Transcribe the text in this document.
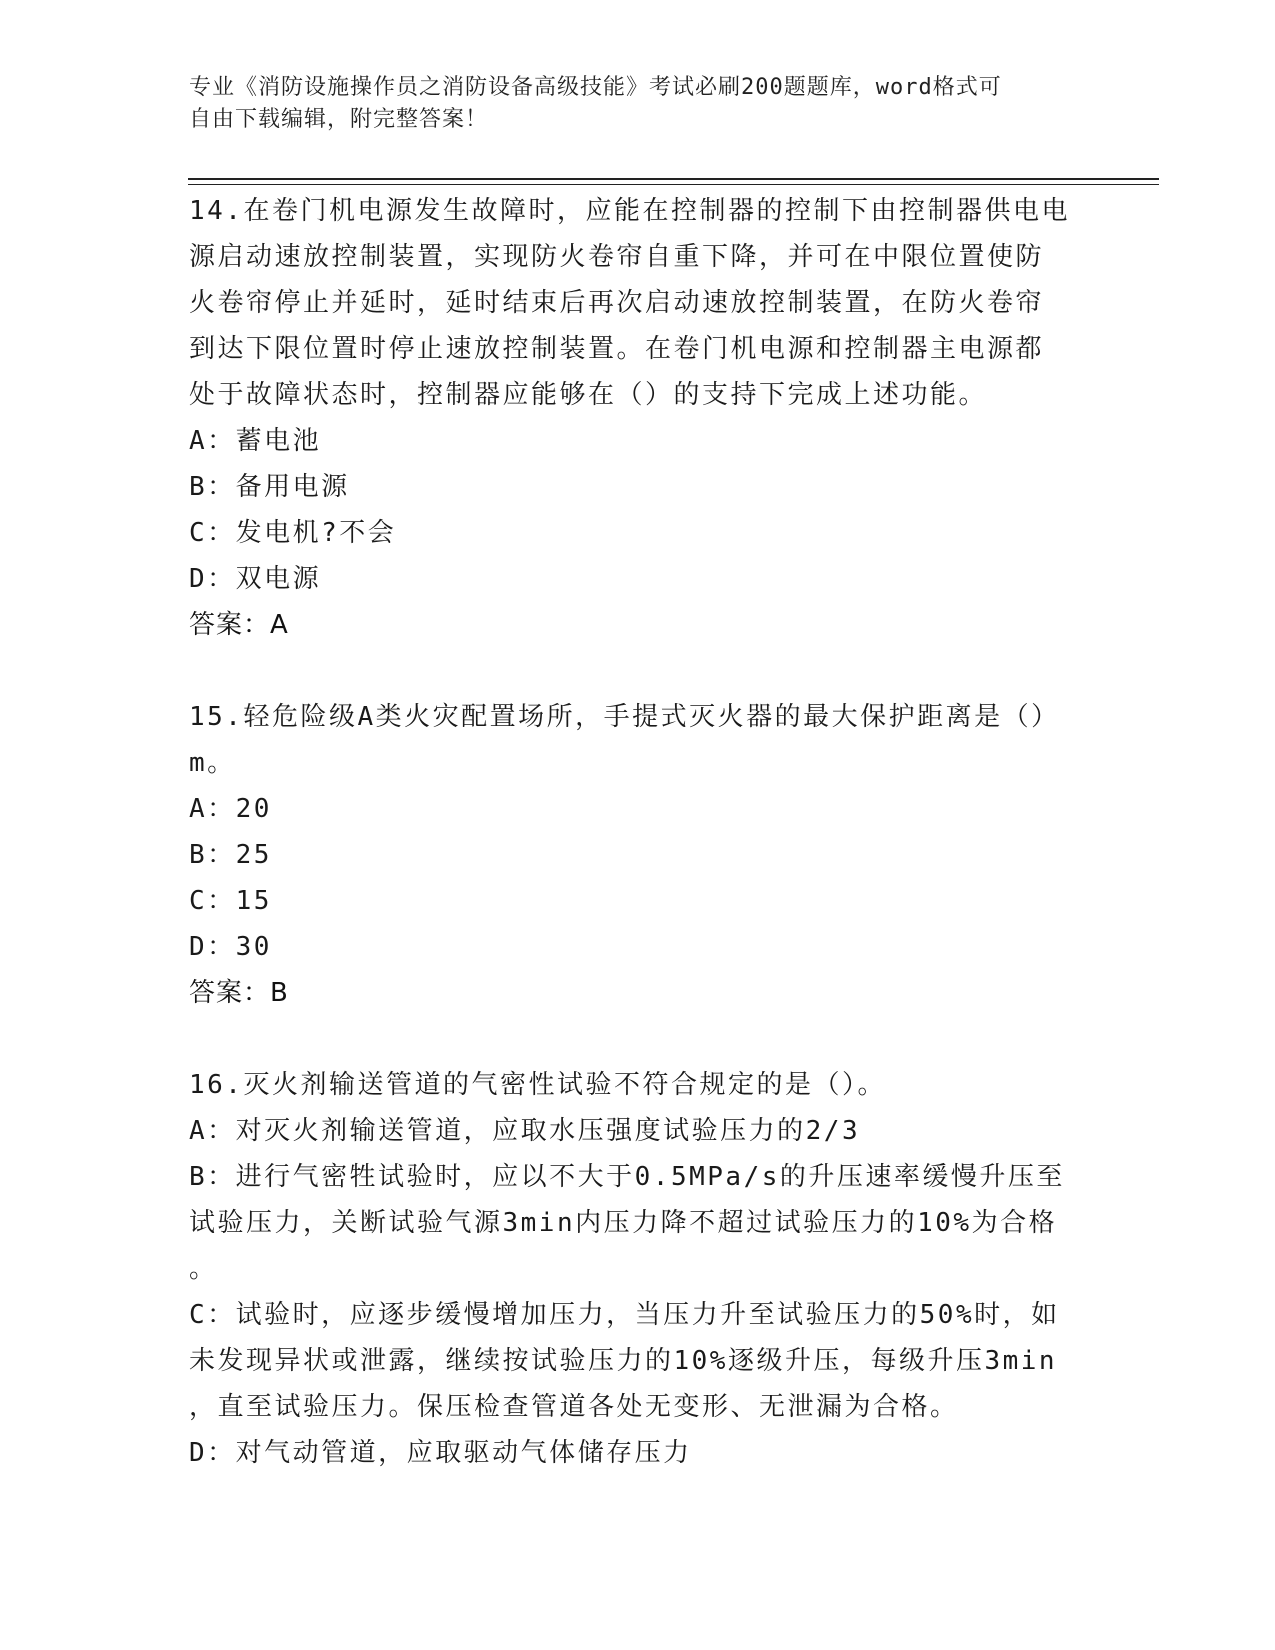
专业《消防设施操作员之消防设备高级技能》考试必刷200题题库，word格式可
自由下载编辑，附完整答案！

14.在卷门机电源发生故障时，应能在控制器的控制下由控制器供电电

源启动速放控制装置，实现防火卷帘自重下降，并可在中限位置使防

火卷帘停止并延时，延时结束后再次启动速放控制装置，在防火卷帘

到达下限位置时停止速放控制装置。在卷门机电源和控制器主电源都

处于故障状态时，控制器应能够在（）的支持下完成上述功能。

A：蓄电池

B：备用电源

C：发电机?不会

D：双电源

答案：A

15.轻危险级A类火灾配置场所，手提式灭火器的最大保护距离是（）

m。

A：20

B：25

C：15

D：30

答案：B

16.灭火剂输送管道的气密性试验不符合规定的是（）。

A：对灭火剂输送管道，应取水压强度试验压力的2/3

B：进行气密牲试验时，应以不大于0.5MPa/s的升压速率缓慢升压至

试验压力，关断试验气源3min内压力降不超过试验压力的10%为合格

。

C：试验时，应逐步缓慢增加压力，当压力升至试验压力的50%时，如

未发现异状或泄露，继续按试验压力的10%逐级升压，每级升压3min

，直至试验压力。保压检查管道各处无变形、无泄漏为合格。

D：对气动管道，应取驱动气体储存压力
